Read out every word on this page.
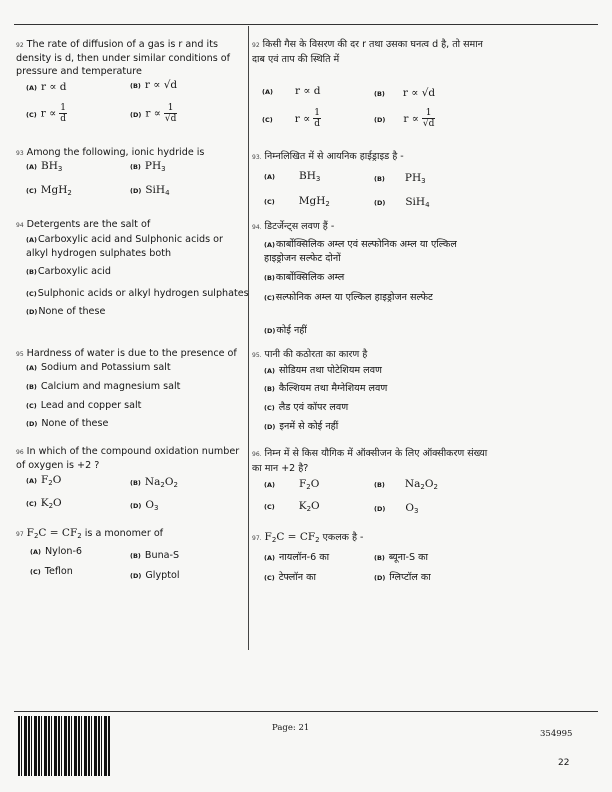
92 The rate of diffusion of a gas is r and its density is d, then under similar conditions of pressure and temperature
(A) r ∝ d	(B) r ∝ √d
(C) $r \propto \frac{1}{d}$	(D) $r \propto \frac{1}{√d}$
92 किसी गैस के विसरण की दर r तथा उसका घनत्व d है, तो समान दाब एवं ताप की स्थिति में
(A) r ∝ d	(B) r ∝ √d
(C) $r \propto \frac{1}{d}$	(D) $r \propto \frac{1}{√d}$
93 Among the following, ionic hydride is
(A) $BH_3$	(B) $PH_3$
(C) MgH$_2$	(D) SiH$_4$
93. निम्नलिखित में से आयनिक हाईड्राइड है -
(A) $BH_3$	(B) $PH_3$
(C) MgH$_2$	(D) SiH$_4$
94 Detergents are the salt of
(A)Carboxylic acid and Sulphonic acids or alkyl hydrogen sulphates both
(B)Carboxylic acid
(C)Sulphonic acids or alkyl hydrogen sulphates
(D)None of these
94. डिटर्जेन्ट्स लवण हैं -
(A)कार्बोक्सिलिक अम्ल एवं सल्फोनिक अम्ल या एल्किल हाइड्रोजन सल्फेट दोनों
(B)कार्बोक्सिलिक अम्ल
(C)सल्फोनिक अम्ल या एल्किल हाइड्रोजन सल्फेट
(D)कोई नहीं
95 Hardness of water is due to the presence of
(A) Sodium and Potassium salt
(B) Calcium and magnesium salt
(C) Lead and copper salt
(D) None of these
95. पानी की कठोरता का कारण है
(A) सोडियम तथा पोटेशियम लवण
(B) कैल्शियम तथा मैग्नेशियम लवण
(C) लैड एवं कॉपर लवण
(D) इनमें से कोई नहीं
96 In which of the compound oxidation number of oxygen is +2 ?
(A) $F_2O$	(B) $Na_2O_2$
(C) $K_2O$	(D) $O_3$
96. निम्न में से किस यौगिक में ऑक्सीजन के लिए ऑक्सीकरण संख्या का मान +2 है?
(A) $F_2O$	(B) $Na_2O_2$
(C) $K_2O$	(D) $O_3$
97 $F_2C = CF_2$ is a monomer of
(A) Nylon-6	(B) Buna-S
(C) Teflon	(D) Glyptol
97. $F_2C = CF_2$ एकलक है -
(A) नायलॉन-6 का	(B) ब्यूना-S का
(C) टेफ्लॉन का	(D) ग्लिप्टॉल का
Page: 21
354995
22
